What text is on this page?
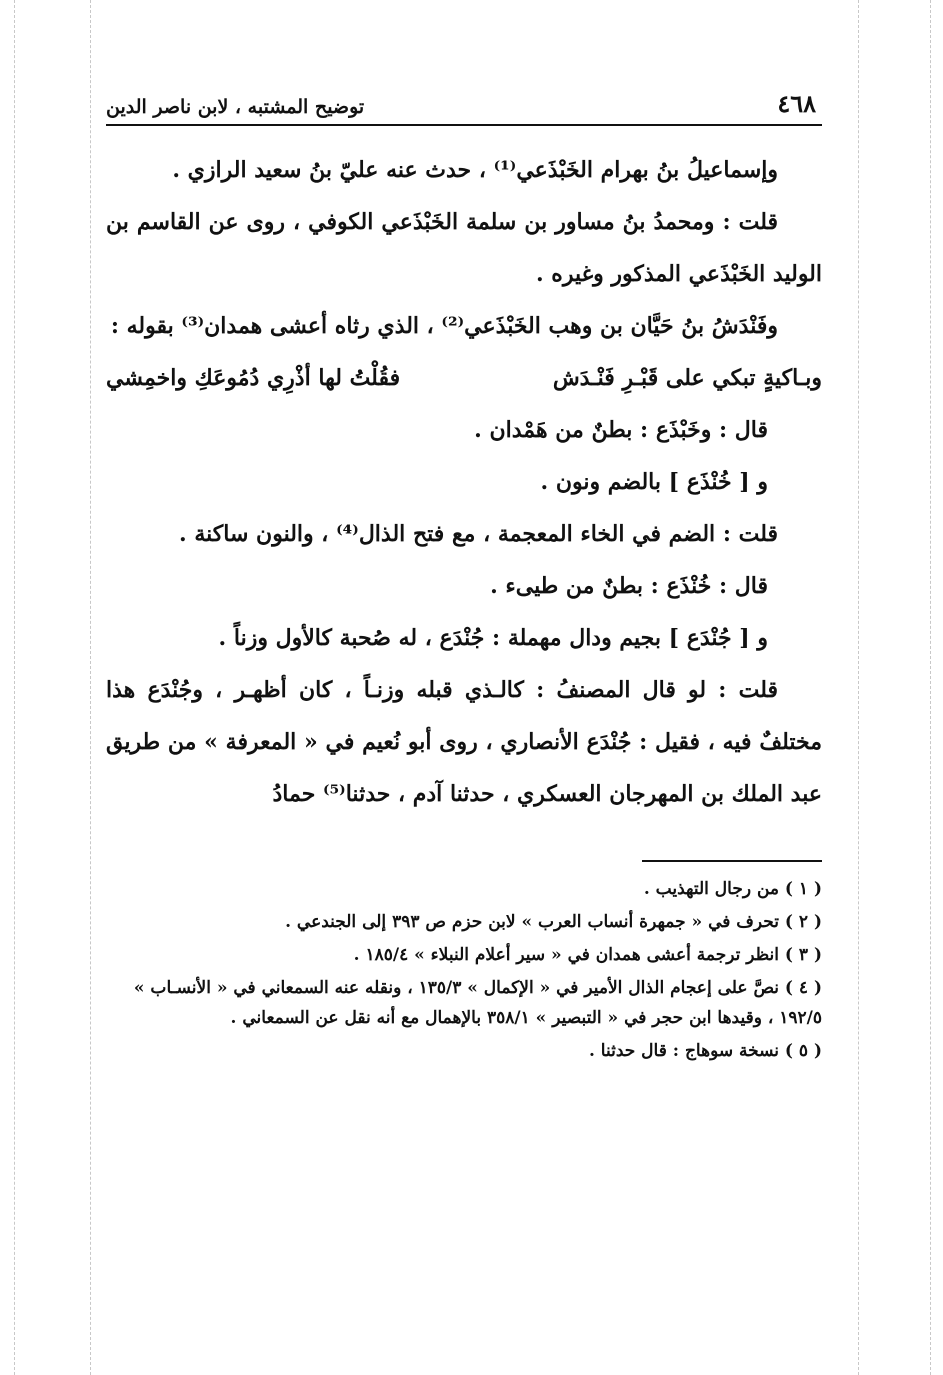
٤٦٨
توضيح المشتبه ، لابن ناصر الدين

وإسماعيلُ بنُ بهرام الخَبْذَعي⁽¹⁾ ، حدث عنه عليّ بنُ سعيد الرازي .

قلت : ومحمدُ بنُ مساور بن سلمة الخَبْذَعي الكوفي ، روى عن القاسم بن الوليد الخَبْذَعي المذكور وغيره .

وفَنْدَشُ بنُ حَيَّان بن وهب الخَبْذَعي⁽²⁾ ، الذي رثاه أعشى همدان⁽³⁾ بقوله :

وبـاكيةٍ تبكي على قَبْـرِ فَنْـدَش
فقُلْتُ لها أذْرِي دُمُوعَكِ واخمِشي

قال : وخَبْذَع : بطنٌ من هَمْدان .

و [ خُنْذَع ] بالضم ونون .

قلت : الضم في الخاء المعجمة ، مع فتح الذال⁽⁴⁾ ، والنون ساكنة .

قال : خُنْذَع : بطنٌ من طيىء .

و [ جُنْدَع ] بجيم ودال مهملة : جُنْدَع ، له صُحبة كالأول وزناً .

قلت : لو قال المصنفُ : كالـذي قبله وزنـاً ، كان أظهـر ، وجُنْدَع هذا مختلفٌ فيه ، فقيل : جُنْدَع الأنصاري ، روى أبو نُعيم في « المعرفة » من طريق عبد الملك بن المهرجان العسكري ، حدثنا آدم ، حدثنا⁽⁵⁾ حمادُ

( ١ ) من رجال التهذيب .

( ٢ ) تحرف في « جمهرة أنساب العرب » لابن حزم ص ٣٩٣ إلى الجندعي .

( ٣ ) انظر ترجمة أعشى همدان في « سير أعلام النبلاء » ١٨٥/٤ .

( ٤ ) نصَّ على إعجام الذال الأمير في « الإكمال » ١٣٥/٣ ، ونقله عنه السمعاني في « الأنسـاب » ١٩٢/٥ ، وقيدها ابن حجر في « التبصير » ٣٥٨/١ بالإهمال مع أنه نقل عن السمعاني .

( ٥ ) نسخة سوهاج : قال حدثنا .
